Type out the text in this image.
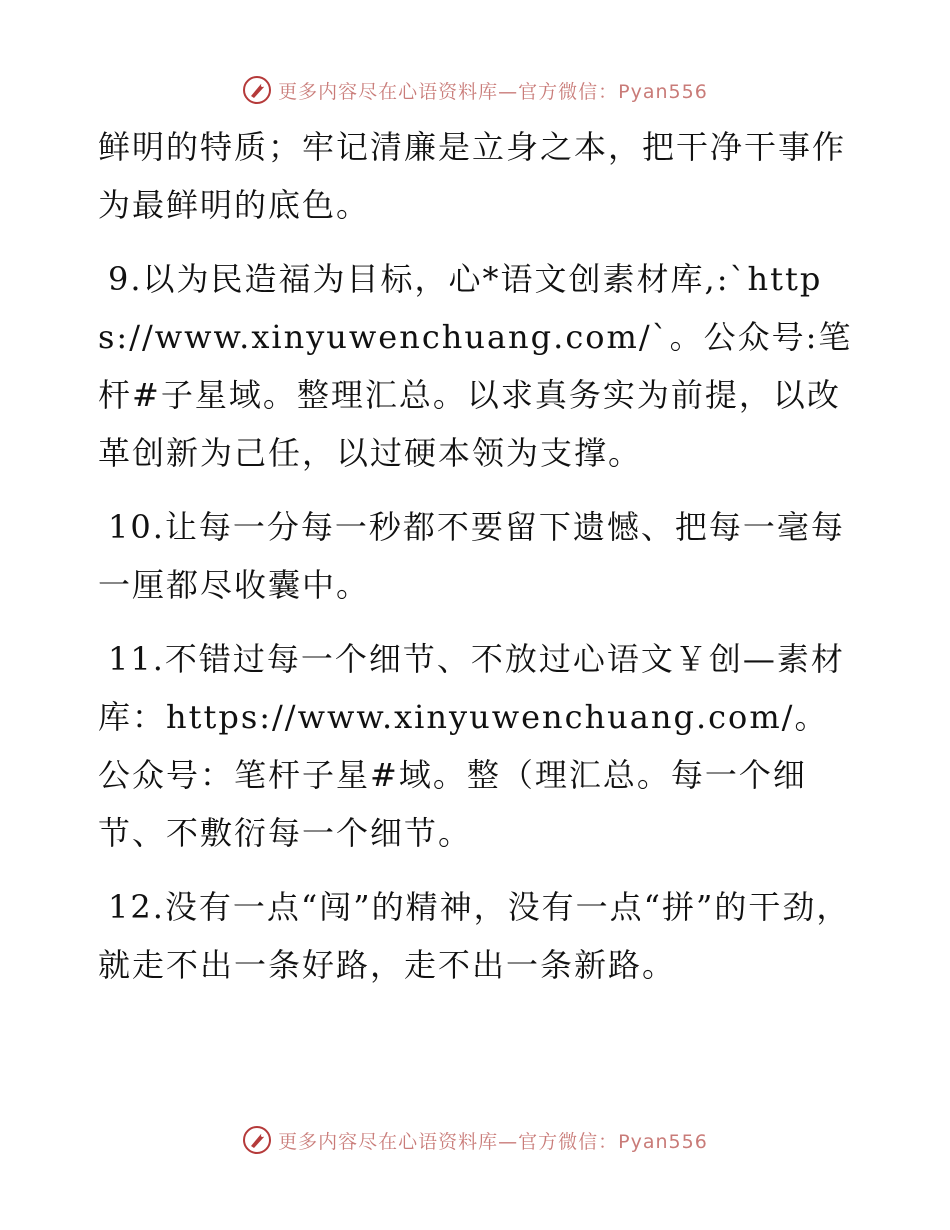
更多内容尽在心语资料库—官方微信：Pyan556

鲜明的特质；牢记清廉是立身之本，把干净干事作为最鲜明的底色。

9.以为民造福为目标，心*语文创素材库,:`https://www.xinyuwenchuang.com/`。公众号:笔杆#子星域。整理汇总。以求真务实为前提，以改革创新为己任，以过硬本领为支撑。

10.让每一分每一秒都不要留下遗憾、把每一毫每一厘都尽收囊中。

11.不错过每一个细节、不放过心语文￥创—素材库：https://www.xinyuwenchuang.com/。公众号：笔杆子星#域。整（理汇总。每一个细节、不敷衍每一个细节。

12.没有一点“闯”的精神，没有一点“拼”的干劲，就走不出一条好路，走不出一条新路。

更多内容尽在心语资料库—官方微信：Pyan556
